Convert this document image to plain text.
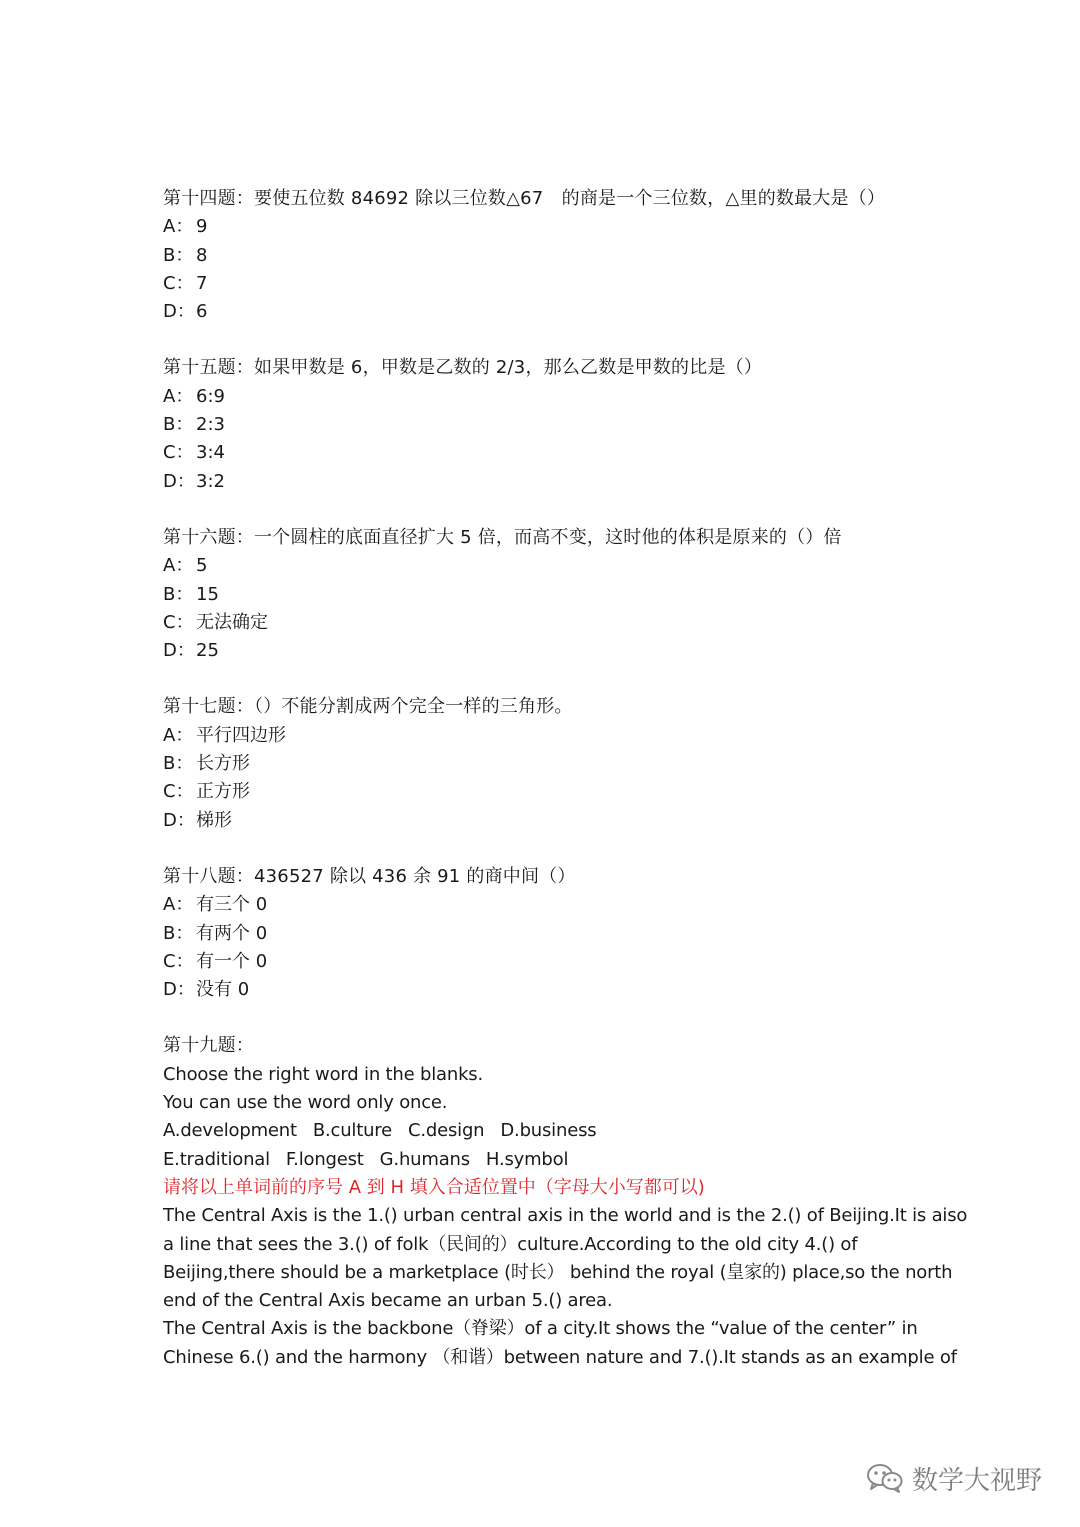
第十四题：要使五位数 84692 除以三位数△67　的商是一个三位数，△里的数最大是（）
A： 9
B： 8
C： 7
D： 6
第十五题：如果甲数是 6，甲数是乙数的 2/3，那么乙数是甲数的比是（）
A： 6:9
B： 2:3
C： 3:4
D： 3:2
第十六题：一个圆柱的底面直径扩大 5 倍，而高不变，这时他的体积是原来的（）倍
A： 5
B： 15
C： 无法确定
D： 25
第十七题：（）不能分割成两个完全一样的三角形。
A： 平行四边形
B： 长方形
C： 正方形
D： 梯形
第十八题：436527 除以 436 余 91 的商中间（）
A： 有三个 0
B： 有两个 0
C： 有一个 0
D： 没有 0
第十九题：
Choose the right word in the blanks.
You can use the word only once.
A.development B.culture C.design D.business
E.traditional F.longest G.humans H.symbol
请将以上单词前的序号 A 到 H 填入合适位置中（字母大小写都可以)
The Central Axis is the 1.() urban central axis in the world and is the 2.() of Beijing.It is aiso
a line that sees the 3.() of folk（民间的）culture.According to the old city 4.() of
Beijing,there should be a marketplace (时长） behind the royal (皇家的) place,so the north
end of the Central Axis became an urban 5.() area.
The Central Axis is the backbone（脊梁）of a city.It shows the “value of the center” in
Chinese 6.() and the harmony （和谐）between nature and 7.().It stands as an example of
数学大视野
